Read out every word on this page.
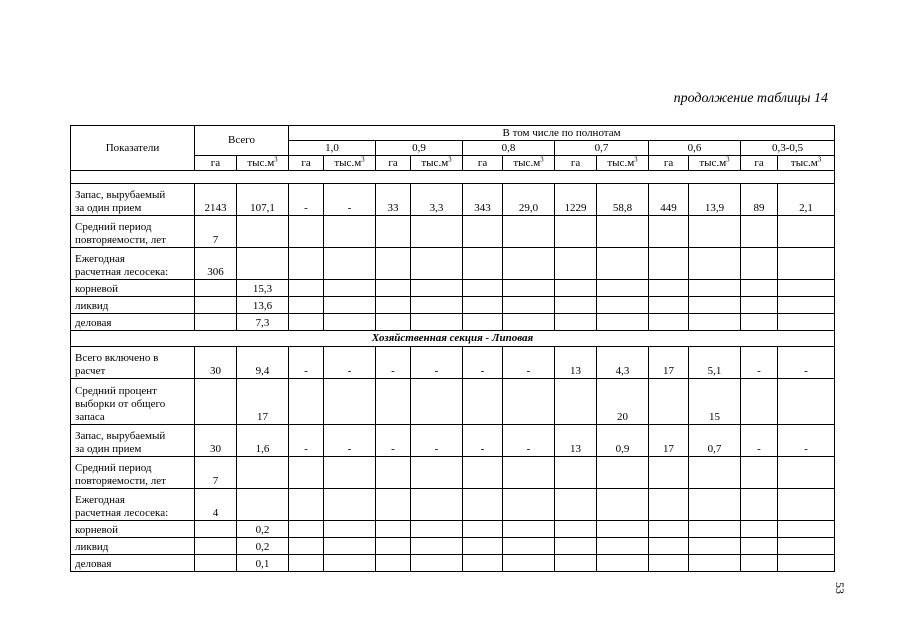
продолжение таблицы 14
Показатели	Всего		В том числе по полнотам											
			1,0		0,9		0,8		0,7		0,6		0,3-0,5	
	га	$тыс.м^3$	га	$тыс.м^3$	га	$тыс.м^3$	га	$тыс.м^3$	га	$тыс.м^3$	га	$тыс.м^3$	га	$тыс.м^3$

Запас, вырубаемый
за один прием	2143	107,1	-	-	33	3,3	343	29,0	1229	58,8	449	13,9	89	2,1

Средний период
повторяемости, лет	7													

Ежегодная
расчетная лесосека:	306													

корневой		15,3												

ликвид		13,6												

деловая		7,3												
Хозяйственная секция - Липовая														

Всего включено в
расчет	30	9,4	-	-	-	-	-	-	13	4,3	17	5,1	-	-

Средний процент
выборки от общего
запаса		17								20		15		

Запас, вырубаемый
за один прием	30	1,6	-	-	-	-	-	-	13	0,9	17	0,7	-	-

Средний период
повторяемости, лет	7													

Ежегодная
расчетная лесосека:	4													

корневой		0,2												

ликвид		0,2												

деловая		0,1												
53
